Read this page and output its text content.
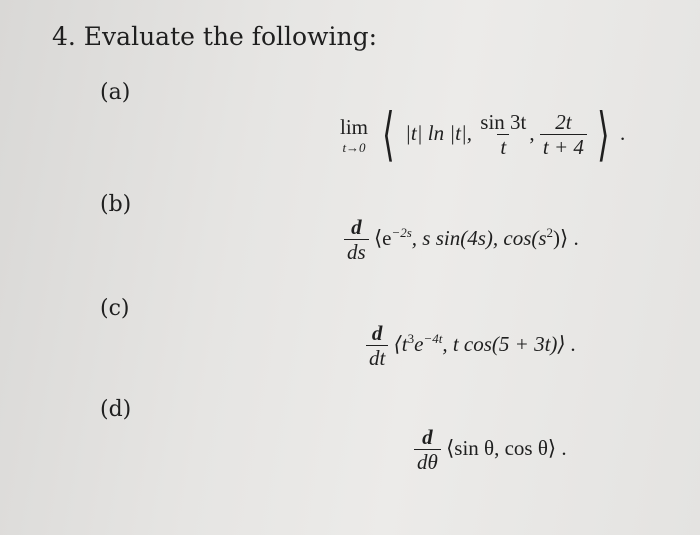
4. Evaluate the following:
(a)
(b)
(c)
(d)
lim
t→0 ⟨ |t| ln |t|, $\frac{\sin 3t}{t}$ , $\frac{2t}{t + 4}$ ⟩ .
$\frac{d}{ds}$ $⟨e^{-2s}$, s sin(4s), $\cos(s^2)⟩$ .
$\frac{d}{dt}$ $⟨t^3e^{-4t}$, t cos(5 + 3t)⟩ .
$\frac{d}{d\theta}$ ⟨sin θ, cos θ⟩ .
